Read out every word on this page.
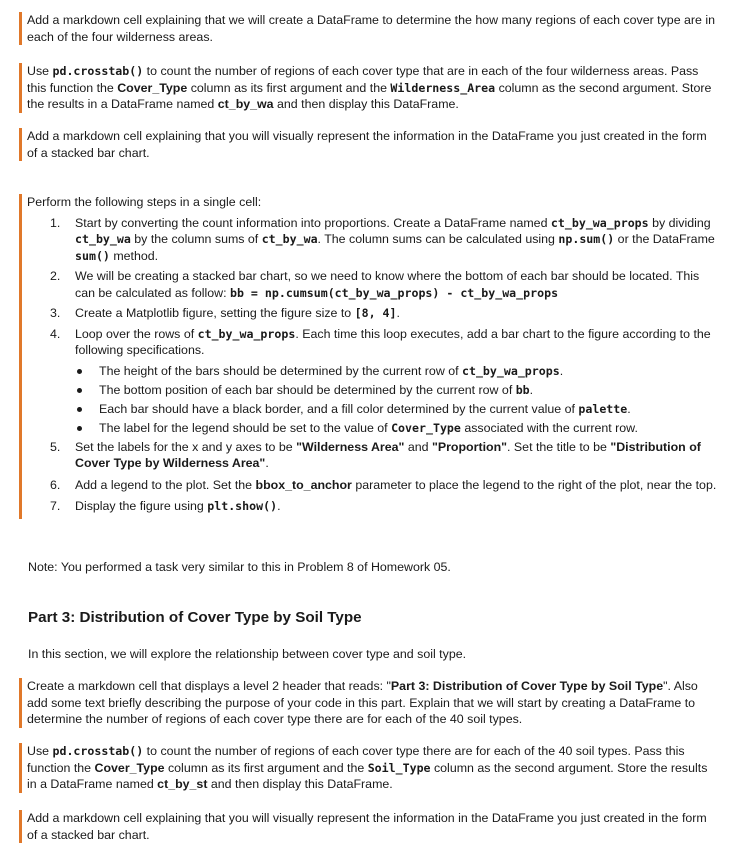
Add a markdown cell explaining that we will create a DataFrame to determine the how many regions of each cover type are in each of the four wilderness areas.
Use pd.crosstab() to count the number of regions of each cover type that are in each of the four wilderness areas. Pass this function the Cover_Type column as its first argument and the Wilderness_Area column as the second argument. Store the results in a DataFrame named ct_by_wa and then display this DataFrame.
Add a markdown cell explaining that you will visually represent the information in the DataFrame you just created in the form of a stacked bar chart.
Perform the following steps in a single cell:
1. Start by converting the count information into proportions. Create a DataFrame named ct_by_wa_props by dividing ct_by_wa by the column sums of ct_by_wa. The column sums can be calculated using np.sum() or the DataFrame sum() method.
2. We will be creating a stacked bar chart, so we need to know where the bottom of each bar should be located. This can be calculated as follow: bb = np.cumsum(ct_by_wa_props) - ct_by_wa_props
3. Create a Matplotlib figure, setting the figure size to [8, 4].
4. Loop over the rows of ct_by_wa_props. Each time this loop executes, add a bar chart to the figure according to the following specifications.
The height of the bars should be determined by the current row of ct_by_wa_props.
The bottom position of each bar should be determined by the current row of bb.
Each bar should have a black border, and a fill color determined by the current value of palette.
The label for the legend should be set to the value of Cover_Type associated with the current row.
5. Set the labels for the x and y axes to be "Wilderness Area" and "Proportion". Set the title to be "Distribution of Cover Type by Wilderness Area".
6. Add a legend to the plot. Set the bbox_to_anchor parameter to place the legend to the right of the plot, near the top.
7. Display the figure using plt.show().
Note: You performed a task very similar to this in Problem 8 of Homework 05.
Part 3: Distribution of Cover Type by Soil Type
In this section, we will explore the relationship between cover type and soil type.
Create a markdown cell that displays a level 2 header that reads: "Part 3: Distribution of Cover Type by Soil Type". Also add some text briefly describing the purpose of your code in this part. Explain that we will start by creating a DataFrame to determine the number of regions of each cover type there are for each of the 40 soil types.
Use pd.crosstab() to count the number of regions of each cover type there are for each of the 40 soil types. Pass this function the Cover_Type column as its first argument and the Soil_Type column as the second argument. Store the results in a DataFrame named ct_by_st and then display this DataFrame.
Add a markdown cell explaining that you will visually represent the information in the DataFrame you just created in the form of a stacked bar chart.
